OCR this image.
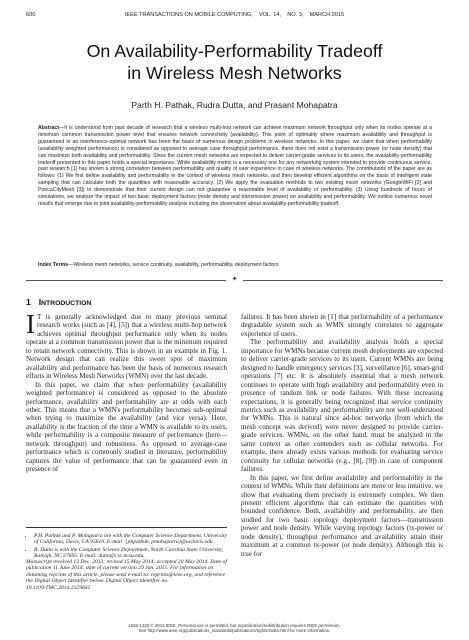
606	IEEE TRANSACTIONS ON MOBILE COMPUTING,    VOL. 14,    NO. 3,    MARCH 2015
On Availability-Performability Tradeoff
in Wireless Mesh Networks
Parth H. Pathak, Rudra Dutta, and Prasant Mohapatra
Abstract—It is understood from past decade of research that a wireless multi-hop network can achieve maximum network throughput only when its nodes operate at a minimum common transmission power level that ensures network connectivity (availability). This point of optimality where maximum availability and throughput is guaranteed in an interference-optimal network has been the basis of numerous design problems in wireless networks. In this paper, we claim that when performability (availability weighted performance) is considered as opposed to average case throughput performance, there does not exist a transmission power (or node density) that can maximize both availability and performability. Since the current mesh networks are expected to deliver carrier-grade services to its users, the availability-performability tradeoff presented in this paper holds a special importance. While availability metric is a necessary one for any networking system intended to provide continuous service, past research [1] has shown a strong correlation between performability and quality of user experience in case of wireless networks. The contributions of the paper are as follows: (1) We first define availability and performability in the context of wireless mesh networks, and then develop efficient algorithms on the basis of intelligent state sampling that can calculate both the quantities with reasonable accuracy. (2) We apply the evaluation methods to two existing mesh networks (GoogleWiFi [2] and PoncaCityMesh [3]) to demonstrate that their current design can not guarantee a reasonable level of availability or performability. (3) Using hundreds of hours of simulations, we analyze the impact of two basic deployment factors (node density and transmission power) on availability and performability. We outline numerous novel results that emerge due to joint availability-performability analysis including the observation about availability-performability tradeoff.
Index Terms—Wireless mesh networks, service continuity, availability, performability, deployment factors
✦
1 INTRODUCTION

I T is generally acknowledged due to many previous seminal research works (such as [4], [5]) that a wireless multi-hop network achieves optimal throughput performance only when its nodes operate at a common transmission power that is the minimum required to retain network connectivity. This is shown in an example in Fig. 1. Network design that can realize this sweet spot of maximum availability and performance has been the basis of numerous research efforts in Wireless Mesh Networks (WMN) over the last decade.

In this paper, we claim that when performability (availability weighted performance) is considered as opposed to the absolute performance, availability and performability are at odds with each other. This means that a WMN's performability becomes sub-optimal when trying to maximize the availability (and vice versa). Here, availability is the fraction of the time a WMN is available to its users, while performability is a composite measure of performance (here—network throughput) and robustness. As opposed to average-case performance which is commonly studied in literature, performability captures the value of performance that can be guaranteed even in presence of

• P.H. Pathak and P. Mohapatra are with the Computer Science Department, University of California, Davis, CA 95616. E-mail: {phpathak, pmohapatra}@ucdavis.edu.
• R. Dutta is with the Computer Science Department, North Carolina State University, Raleigh, NC 27695. E-mail: dutta@csc.ncsu.edu.
Manuscript received 13 Dec. 2013; revised 15 May 2014; accepted 20 May 2014. Date of publication 11 June 2014; date of current version 29 Jan. 2015. For information on obtaining reprints of this article, please send e-mail to: reprints@ieee.org, and reference the Digital Object Identifier below. Digital Object Identifier no. 10.1109/TMC.2014.2329845

failures. It has been shown in [1] that performability of a performance degradable system such as WMN strongly correlates to aggregate experience of users.

The performability and availability analysis holds a special importance for WMNs because current mesh deployments are expected to deliver carrier-grade services to its users. Current WMNs are being designed to handle emergency services [3], surveillance [6], smart-grid operations [7] etc. It is absolutely essential that a mesh network continues to operate with high availability and performability even in presence of random link or node failures. With these increasing expectations, it is generally being recognized that service continuity metrics such as availability and performability are not well-understood for WMNs. This is natural since ad-hoc networks (from which the mesh concept was derived) were never designed to provide carrier-grade services. WMNs, on the other hand, must be analyzed in the same context as other contenders such as cellular networks. For example, there already exists various methods for evaluating service continuity for cellular networks (e.g., [8], [9]) in case of component failures.

In this paper, we first define availability and performability in the context of WMNs. While their definitions are more or less intuitive, we show that evaluating them precisely is extremely complex. We then present efficient algorithms that can estimate the quantities with bounded confidence. Both, availability and performability, are then studied for two basic topology deployment factors—transmission power and node density. While varying topology factors (tx-power or node density), throughput performance and availability attain their maximum at a common tx-power (or node density). Although this is true for

1536-1233 © 2014 IEEE. Personal use is permitted, but republication/redistribution requires IEEE permission.
See http://www.ieee.org/publications_standards/publications/rights/index.html for more information.
